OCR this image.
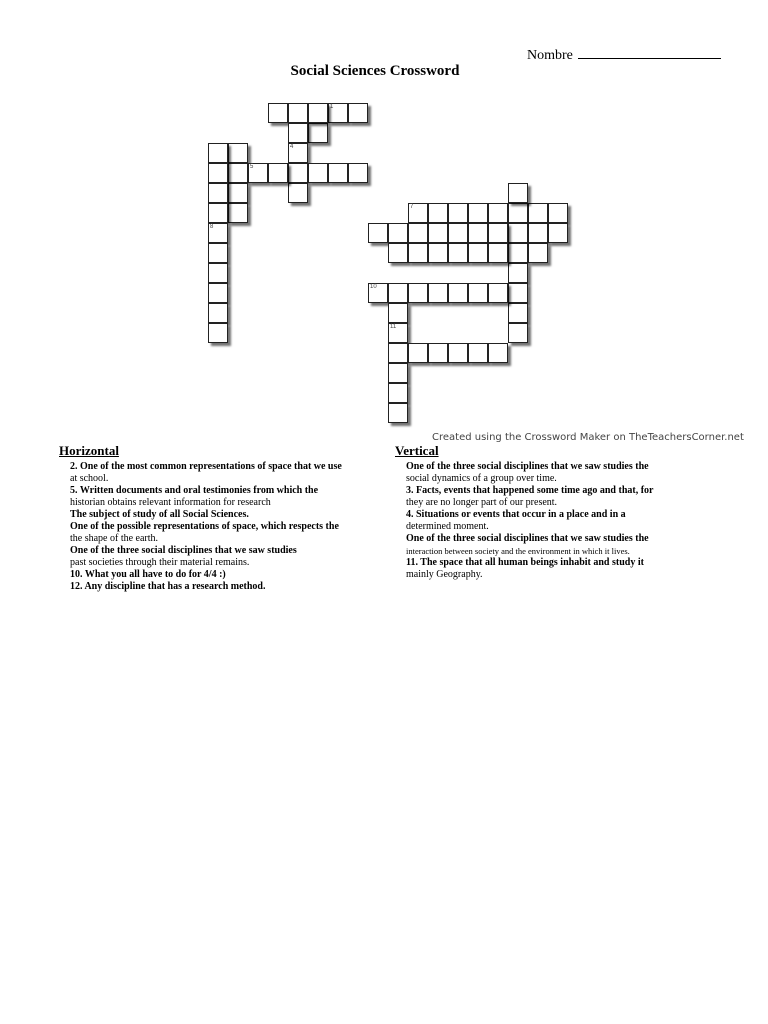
Nombre
Social Sciences Crossword
1
8
4
5
7
10
11
Created using the Crossword Maker on TheTeachersCorner.net
Horizontal
2. One of the most common representations of space that we use
at school.
5. Written documents and oral testimonies from which the
historian obtains relevant information for research
The subject of study of all Social Sciences.
One of the possible representations of space, which respects the
the shape of the earth.
One of the three social disciplines that we saw studies
past societies through their material remains.
10. What you all have to do for 4/4 :)
12. Any discipline that has a research method.
Vertical
One of the three social disciplines that we saw studies the
social dynamics of a group over time.
3. Facts, events that happened some time ago and that, for
they are no longer part of our present.
4. Situations or events that occur in a place and in a
determined moment.
One of the three social disciplines that we saw studies the
interaction between society and the environment in which it lives.
11. The space that all human beings inhabit and study it
mainly Geography.
